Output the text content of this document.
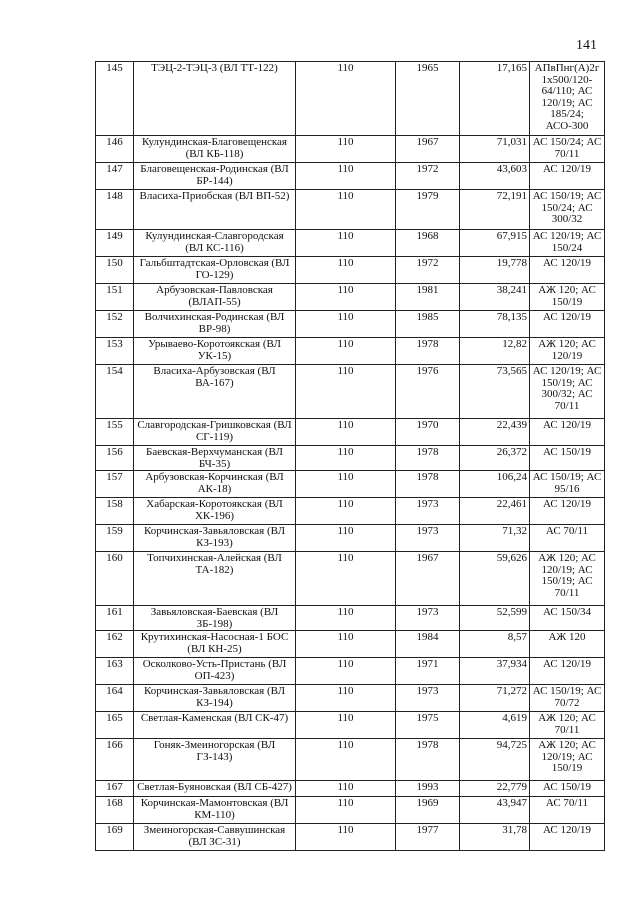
141
145	ТЭЦ-2-ТЭЦ-3 (ВЛ ТТ-122)	110	1965	17,165	АПвПнг(А)2г 1х500/120-64/110; АС 120/19; АС 185/24; АСО-300
146	Кулундинская-Благовещенская (ВЛ КБ-118)	110	1967	71,031	АС 150/24; АС 70/11
147	Благовещенская-Родинская (ВЛ БР-144)	110	1972	43,603	АС 120/19
148	Власиха-Приобская (ВЛ ВП-52)	110	1979	72,191	АС 150/19; АС 150/24; АС 300/32
149	Кулундинская-Славгородская (ВЛ КС-116)	110	1968	67,915	АС 120/19; АС 150/24
150	Гальбштадтская-Орловская (ВЛ ГО-129)	110	1972	19,778	АС 120/19
151	Арбузовская-Павловская (ВЛАП-55)	110	1981	38,241	АЖ 120; АС 150/19
152	Волчихинская-Родинская (ВЛ ВР-98)	110	1985	78,135	АС 120/19
153	Урываево-Коротоякская (ВЛ УК-15)	110	1978	12,82	АЖ 120; АС 120/19
154	Власиха-Арбузовская (ВЛ ВА-167)	110	1976	73,565	АС 120/19; АС 150/19; АС 300/32; АС 70/11
155	Славгородская-Гришковская (ВЛ СГ-119)	110	1970	22,439	АС 120/19
156	Баевская-Верхчуманская (ВЛ БЧ-35)	110	1978	26,372	АС 150/19
157	Арбузовская-Корчинская (ВЛ АК-18)	110	1978	106,24	АС 150/19; АС 95/16
158	Хабарская-Коротоякская (ВЛ ХК-196)	110	1973	22,461	АС 120/19
159	Корчинская-Завьяловская (ВЛ КЗ-193)	110	1973	71,32	АС 70/11
160	Топчихинская-Алейская (ВЛ ТА-182)	110	1967	59,626	АЖ 120; АС 120/19; АС 150/19; АС 70/11
161	Завьяловская-Баевская (ВЛ ЗБ-198)	110	1973	52,599	АС 150/34
162	Крутихинская-Насосная-1 БОС (ВЛ КН-25)	110	1984	8,57	АЖ 120
163	Осколково-Усть-Пристань (ВЛ ОП-423)	110	1971	37,934	АС 120/19
164	Корчинская-Завьяловская (ВЛ КЗ-194)	110	1973	71,272	АС 150/19; АС 70/72
165	Светлая-Каменская (ВЛ СК-47)	110	1975	4,619	АЖ 120; АС 70/11
166	Гоняк-Змеиногорская (ВЛ ГЗ-143)	110	1978	94,725	АЖ 120; АС 120/19; АС 150/19
167	Светлая-Буяновская (ВЛ СБ-427)	110	1993	22,779	АС 150/19
168	Корчинская-Мамонтовская (ВЛ КМ-110)	110	1969	43,947	АС 70/11
169	Змеиногорская-Саввушинская (ВЛ ЗС-31)	110	1977	31,78	АС 120/19
